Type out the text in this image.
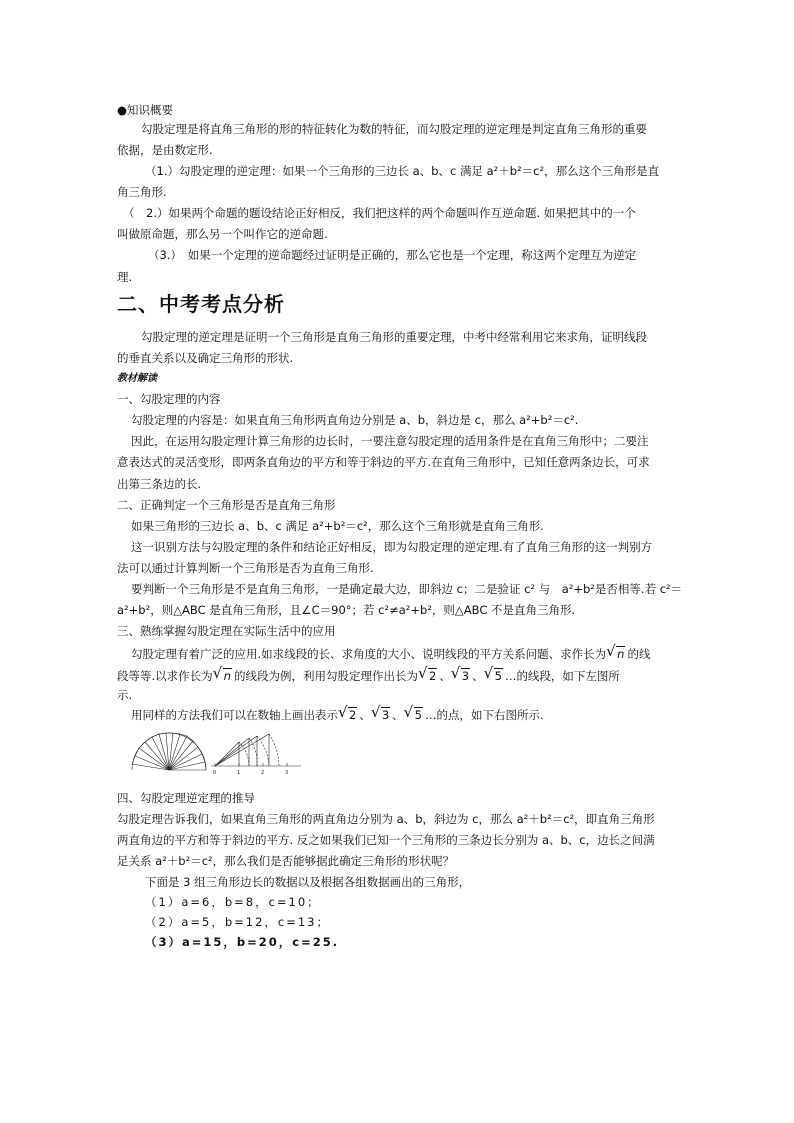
●知识概要
勾股定理是将直角三角形的形的特征转化为数的特征，而勾股定理的逆定理是判定直角三角形的重要
依据，是由数定形.
（1.）勾股定理的逆定理：如果一个三角形的三边长 a、b、c 满足 a²＋b²＝c²，那么这个三角形是直
角三角形.
（　2.）如果两个命题的题设结论正好相反，我们把这样的两个命题叫作互逆命题. 如果把其中的一个
叫做原命题，那么另一个叫作它的逆命题.
（3.）　如果一个定理的逆命题经过证明是正确的，那么它也是一个定理，称这两个定理互为逆定
理.
二、中考考点分析
勾股定理的逆定理是证明一个三角形是直角三角形的重要定理，中考中经常利用它来求角，证明线段
的垂直关系以及确定三角形的形状.
教材解读
一、勾股定理的内容
勾股定理的内容是：如果直角三角形两直角边分别是 a、b，斜边是 c，那么 a²+b²＝c².
因此，在运用勾股定理计算三角形的边长时，一要注意勾股定理的适用条件是在直角三角形中；二要注
意表达式的灵活变形，即两条直角边的平方和等于斜边的平方.在直角三角形中，已知任意两条边长，可求
出第三条边的长.
二、正确判定一个三角形是否是直角三角形
如果三角形的三边长 a、b、c 满足 a²+b²＝c²，那么这个三角形就是直角三角形.
这一识别方法与勾股定理的条件和结论正好相反，即为勾股定理的逆定理.有了直角三角形的这一判别方
法可以通过计算判断一个三角形是否为直角三角形.
要判断一个三角形是不是直角三角形，一是确定最大边，即斜边 c；二是验证 c² 与　a²+b²是否相等.若 c²＝
a²+b²，则△ABC 是直角三角形，且∠C＝90°；若 c²≠a²+b²，则△ABC 不是直角三角形.
三、熟练掌握勾股定理在实际生活中的应用
勾股定理有着广泛的应用.如求线段的长、求角度的大小、说明线段的平方关系问题、求作长为 √ n 的线
段等等.以求作长为 √ n 的线段为例，利用勾股定理作出长为 √ 2 、 √ 3 、 √ 5 …的线段，如下左图所
示.
用同样的方法我们可以在数轴上画出表示 √ 2 、 √ 3 、 √ 5 …的点，如下右图所示.
0	1	2	3
四、勾股定理逆定理的推导
勾股定理告诉我们，如果直角三角形的两直角边分别为 a、b，斜边为 c，那么 a²＋b²＝c²，即直角三角形
两直角边的平方和等于斜边的平方. 反之如果我们已知一个三角形的三条边长分别为 a、b、c，边长之间满
足关系 a²＋b²＝c²，那么我们是否能够据此确定三角形的形状呢？
下面是 3 组三角形边长的数据以及根据各组数据画出的三角形，
（1）a=6，b=8，c=10；
（2）a=5，b=12，c=13；
（3）a=15，b=20，c=25.
